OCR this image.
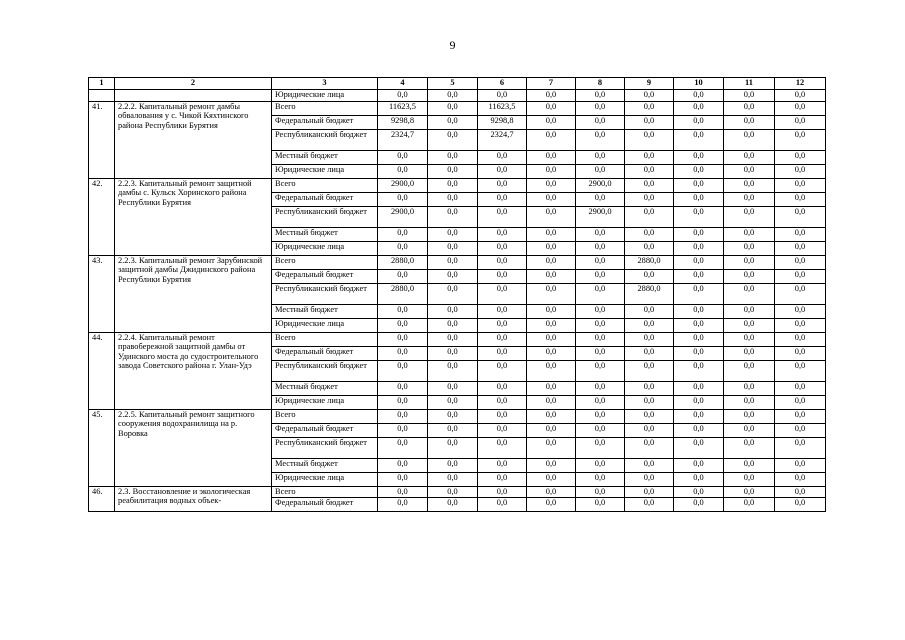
9
1	2	3	4	5	6	7	8	9	10	11	12
		Юридические лица	0,0	0,0	0,0	0,0	0,0	0,0	0,0	0,0	0,0
41.	2.2.2. Капитальный ремонт дамбы обвалования у с. Чикой Кяхтинского района Республики Бурятия	Всего	11623,5	0,0	11623,5	0,0	0,0	0,0	0,0	0,0	0,0
		Федеральный бюджет	9298,8	0,0	9298,8	0,0	0,0	0,0	0,0	0,0	0,0
		Республиканский бюджет	2324,7	0,0	2324,7	0,0	0,0	0,0	0,0	0,0	0,0
		Местный бюджет	0,0	0,0	0,0	0,0	0,0	0,0	0,0	0,0	0,0
		Юридические лица	0,0	0,0	0,0	0,0	0,0	0,0	0,0	0,0	0,0
42.	2.2.3. Капитальный ремонт защитной дамбы с. Кульск Хоринского района Республики Бурятия	Всего	2900,0	0,0	0,0	0,0	2900,0	0,0	0,0	0,0	0,0
		Федеральный бюджет	0,0	0,0	0,0	0,0	0,0	0,0	0,0	0,0	0,0
		Республиканский бюджет	2900,0	0,0	0,0	0,0	2900,0	0,0	0,0	0,0	0,0
		Местный бюджет	0,0	0,0	0,0	0,0	0,0	0,0	0,0	0,0	0,0
		Юридические лица	0,0	0,0	0,0	0,0	0,0	0,0	0,0	0,0	0,0
43.	2.2.3. Капитальный ремонт Зарубинской защитной дамбы Джидинского района Республики Бурятия	Всего	2880,0	0,0	0,0	0,0	0,0	2880,0	0,0	0,0	0,0
		Федеральный бюджет	0,0	0,0	0,0	0,0	0,0	0,0	0,0	0,0	0,0
		Республиканский бюджет	2880,0	0,0	0,0	0,0	0,0	2880,0	0,0	0,0	0,0
		Местный бюджет	0,0	0,0	0,0	0,0	0,0	0,0	0,0	0,0	0,0
		Юридические лица	0,0	0,0	0,0	0,0	0,0	0,0	0,0	0,0	0,0
44.	2.2.4. Капитальный ремонт правобережной защитной дамбы от Удинского моста до судостроительного завода Советского района г. Улан-Удэ	Всего	0,0	0,0	0,0	0,0	0,0	0,0	0,0	0,0	0,0
		Федеральный бюджет	0,0	0,0	0,0	0,0	0,0	0,0	0,0	0,0	0,0
		Республиканский бюджет	0,0	0,0	0,0	0,0	0,0	0,0	0,0	0,0	0,0
		Местный бюджет	0,0	0,0	0,0	0,0	0,0	0,0	0,0	0,0	0,0
		Юридические лица	0,0	0,0	0,0	0,0	0,0	0,0	0,0	0,0	0,0
45.	2.2.5. Капитальный ремонт защитного сооружения водохранилища на р. Воровка	Всего	0,0	0,0	0,0	0,0	0,0	0,0	0,0	0,0	0,0
		Федеральный бюджет	0,0	0,0	0,0	0,0	0,0	0,0	0,0	0,0	0,0
		Республиканский бюджет	0,0	0,0	0,0	0,0	0,0	0,0	0,0	0,0	0,0
		Местный бюджет	0,0	0,0	0,0	0,0	0,0	0,0	0,0	0,0	0,0
		Юридические лица	0,0	0,0	0,0	0,0	0,0	0,0	0,0	0,0	0,0
46.	2.3. Восстановление и экологическая реабилитация водных объек-	Всего	0,0	0,0	0,0	0,0	0,0	0,0	0,0	0,0	0,0
		Федеральный бюджет	0,0	0,0	0,0	0,0	0,0	0,0	0,0	0,0	0,0
